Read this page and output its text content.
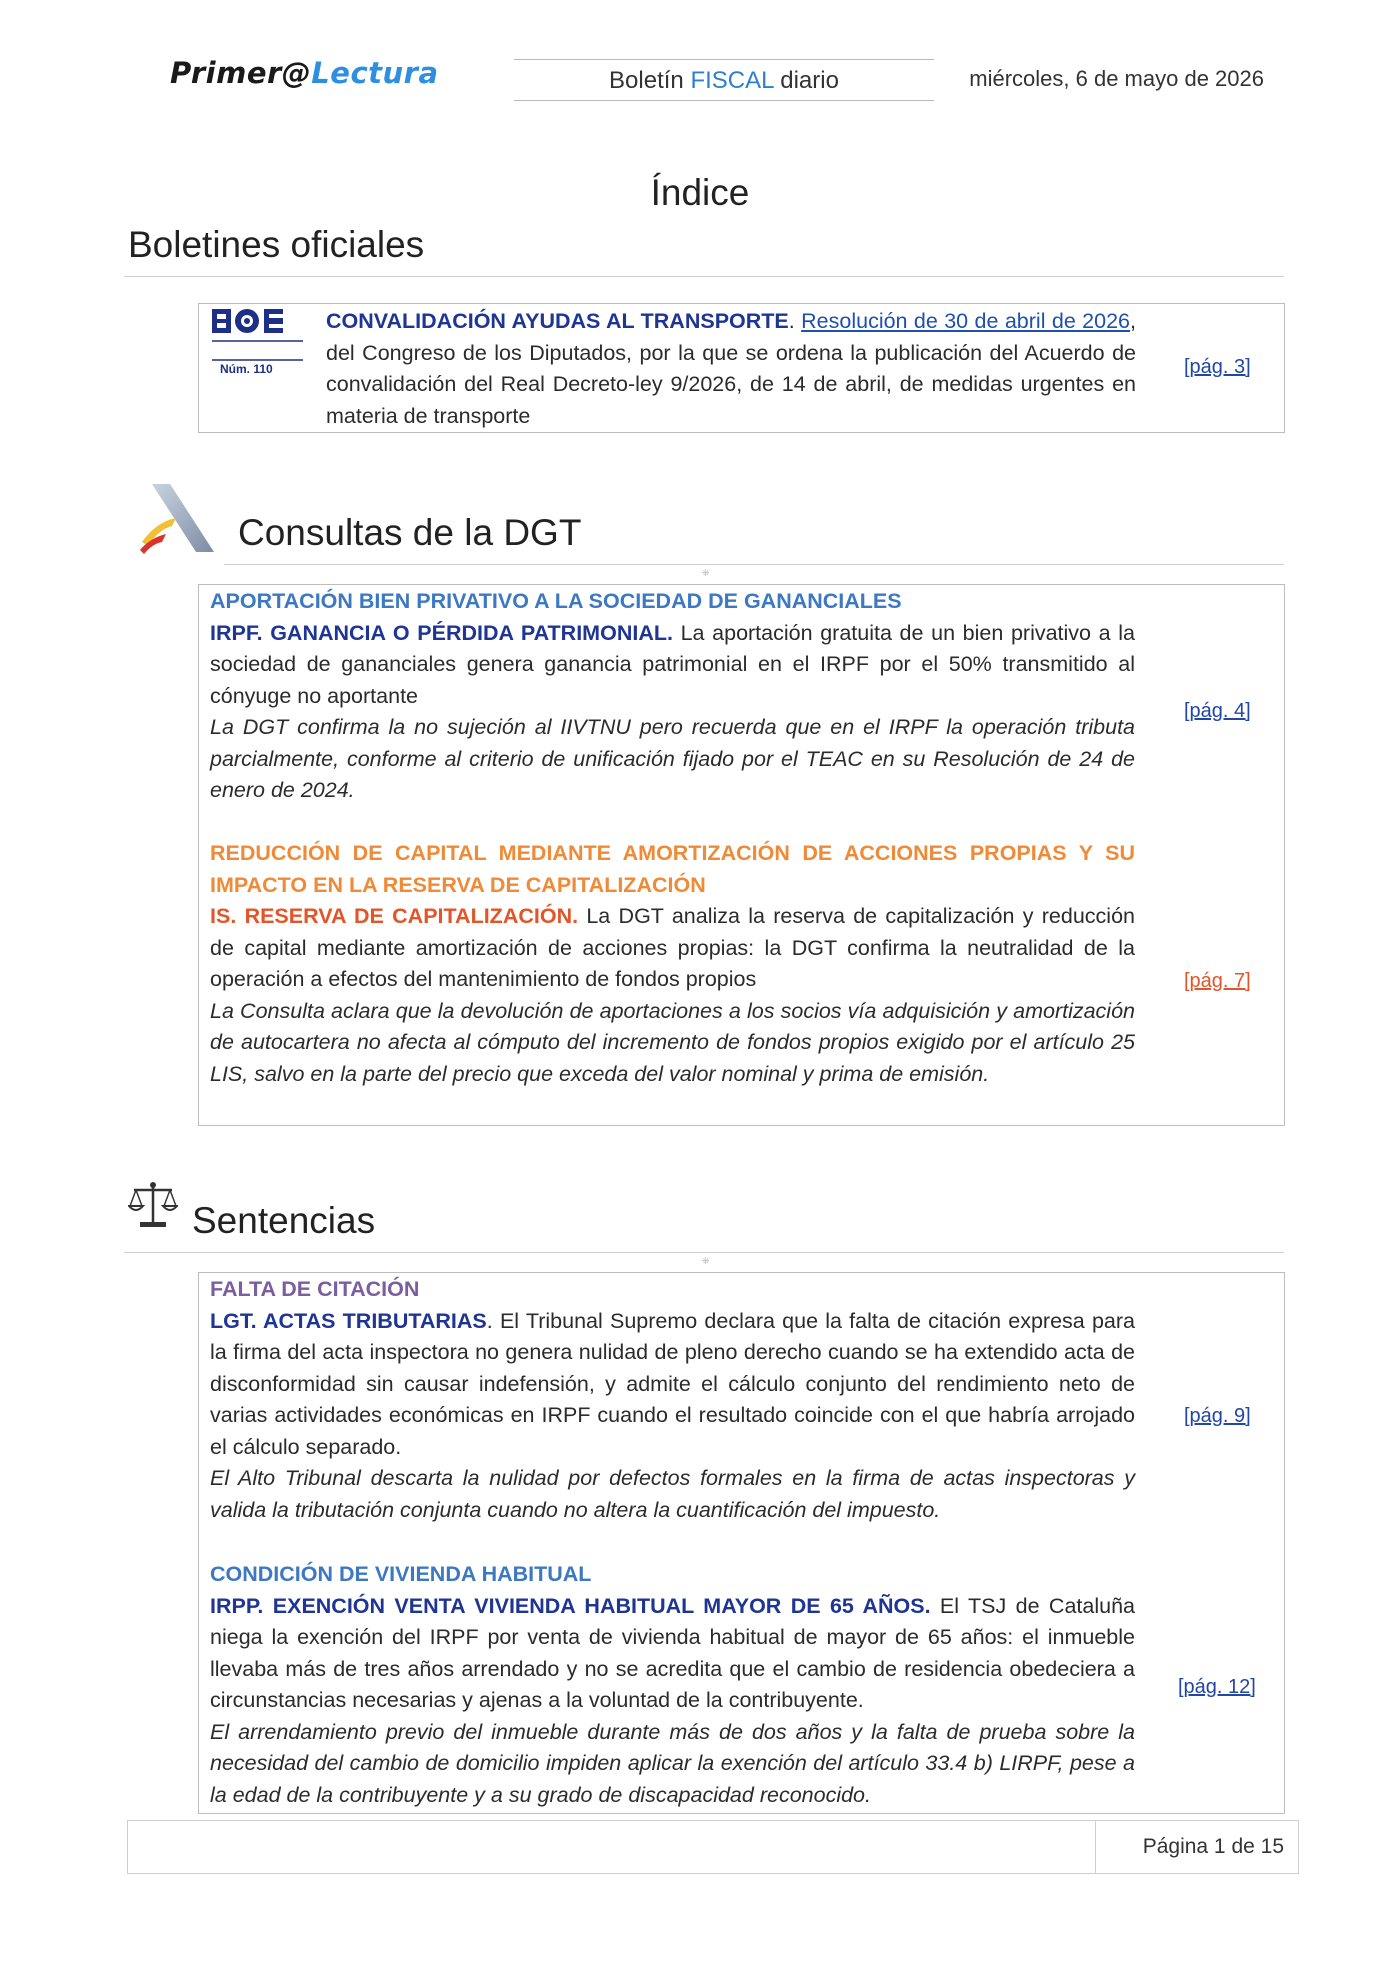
Primer@Lectura	Boletín FISCAL diario	miércoles, 6 de mayo de 2026
Índice
Boletines oficiales
Núm. 110
CONVALIDACIÓN AYUDAS AL TRANSPORTE. Resolución de 30 de abril de 2026, del Congreso de los Diputados, por la que se ordena la publicación del Acuerdo de convalidación del Real Decreto-ley 9/2026, de 14 de abril, de medidas urgentes en materia de transporte
[pág. 3]
Consultas de la DGT
⁜
APORTACIÓN BIEN PRIVATIVO A LA SOCIEDAD DE GANANCIALES
IRPF. GANANCIA O PÉRDIDA PATRIMONIAL. La aportación gratuita de un bien privativo a la sociedad de gananciales genera ganancia patrimonial en el IRPF por el 50% transmitido al cónyuge no aportante
La DGT confirma la no sujeción al IIVTNU pero recuerda que en el IRPF la operación tributa parcialmente, conforme al criterio de unificación fijado por el TEAC en su Resolución de 24 de enero de 2024.
[pág. 4]
REDUCCIÓN DE CAPITAL MEDIANTE AMORTIZACIÓN DE ACCIONES PROPIAS Y SU IMPACTO EN LA RESERVA DE CAPITALIZACIÓN
IS. RESERVA DE CAPITALIZACIÓN. La DGT analiza la reserva de capitalización y reducción de capital mediante amortización de acciones propias: la DGT confirma la neutralidad de la operación a efectos del mantenimiento de fondos propios
La Consulta aclara que la devolución de aportaciones a los socios vía adquisición y amortización de autocartera no afecta al cómputo del incremento de fondos propios exigido por el artículo 25 LIS, salvo en la parte del precio que exceda del valor nominal y prima de emisión.
[pág. 7]
Sentencias
⁜
FALTA DE CITACIÓN
LGT. ACTAS TRIBUTARIAS. El Tribunal Supremo declara que la falta de citación expresa para la firma del acta inspectora no genera nulidad de pleno derecho cuando se ha extendido acta de disconformidad sin causar indefensión, y admite el cálculo conjunto del rendimiento neto de varias actividades económicas en IRPF cuando el resultado coincide con el que habría arrojado el cálculo separado.
El Alto Tribunal descarta la nulidad por defectos formales en la firma de actas inspectoras y valida la tributación conjunta cuando no altera la cuantificación del impuesto.
[pág. 9]
CONDICIÓN DE VIVIENDA HABITUAL
IRPP. EXENCIÓN VENTA VIVIENDA HABITUAL MAYOR DE 65 AÑOS. El TSJ de Cataluña niega la exención del IRPF por venta de vivienda habitual de mayor de 65 años: el inmueble llevaba más de tres años arrendado y no se acredita que el cambio de residencia obedeciera a circunstancias necesarias y ajenas a la voluntad de la contribuyente.
El arrendamiento previo del inmueble durante más de dos años y la falta de prueba sobre la necesidad del cambio de domicilio impiden aplicar la exención del artículo 33.4 b) LIRPF, pese a la edad de la contribuyente y a su grado de discapacidad reconocido.
[pág. 12]
Página 1 de 15
